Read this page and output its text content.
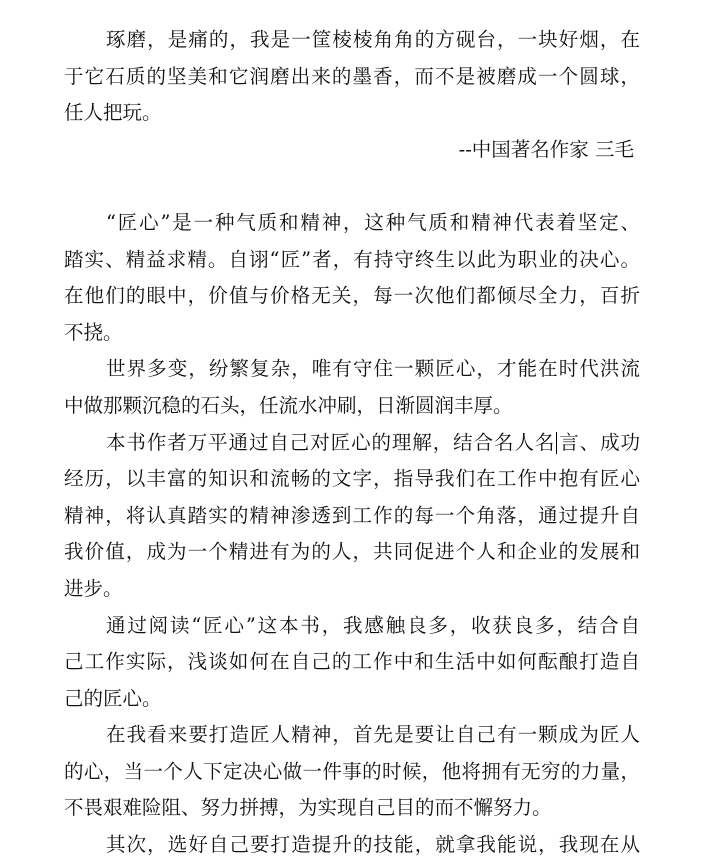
琢磨，是痛的，我是一筐棱棱角角的方砚台，一块好烟，在
于它石质的坚美和它润磨出来的墨香，而不是被磨成一个圆球，
任人把玩。
--中国著名作家 三毛
“匠心”是一种气质和精神，这种气质和精神代表着坚定、
踏实、精益求精。自诩“匠”者，有持守终生以此为职业的决心。
在他们的眼中，价值与价格无关，每一次他们都倾尽全力，百折
不挠。
世界多变，纷繁复杂，唯有守住一颗匠心，才能在时代洪流
中做那颗沉稳的石头，任流水冲刷，日渐圆润丰厚。
本书作者万平通过自己对匠心的理解，结合名人名 言、成功
经历，以丰富的知识和流畅的文字，指导我们在工作中抱有匠心
精神，将认真踏实的精神渗透到工作的每一个角落，通过提升自
我价值，成为一个精进有为的人，共同促进个人和企业的发展和
进步。
通过阅读“匠心”这本书，我感触良多，收获良多，结合自
己工作实际，浅谈如何在自己的工作中和生活中如何酝酿打造自
己的匠心。
在我看来要打造匠人精神，首先是要让自己有一颗成为匠人
的心，当一个人下定决心做一件事的时候，他将拥有无穷的力量，
不畏艰难险阻、努力拼搏，为实现自己目的而不懈努力。
其次，选好自己要打造提升的技能，就拿我能说，我现在从
